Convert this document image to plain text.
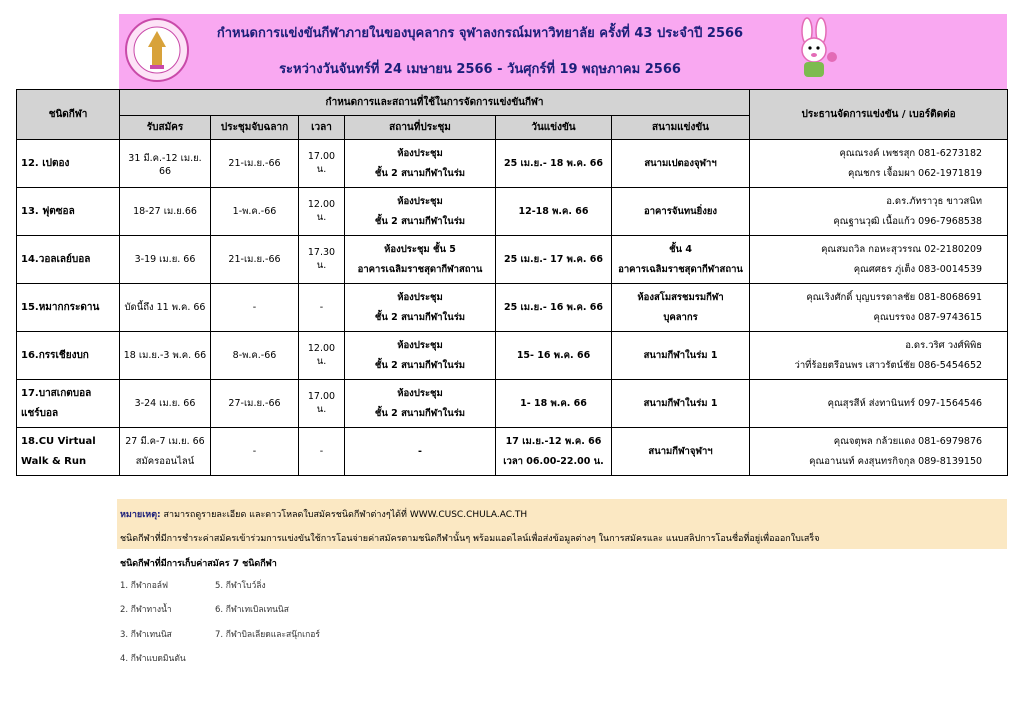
กำหนดการแข่งขันกีฬาภายในของบุคลากร จุฬาลงกรณ์มหาวิทยาลัย ครั้งที่ 43 ประจำปี 2566
ระหว่างวันจันทร์ที่ 24 เมษายน 2566 - วันศุกร์ที่ 19 พฤษภาคม 2566
ชนิดกีฬา	กำหนดการและสถานที่ใช้ในการจัดการแข่งขันกีฬา						ประธานจัดการแข่งขัน / เบอร์ติดต่อ
	รับสมัคร	ประชุมจับฉลาก	เวลา	สถานที่ประชุม	วันแข่งขัน	สนามแข่งขัน	

12. เปตอง	31 มี.ค.-12 เม.ย. 66	21-เม.ย.-66	17.00 น.	ห้องประชุม
ชั้น 2 สนามกีฬาในร่ม	25 เม.ย.- 18 พ.ค. 66	สนามเปตองจุฬาฯ	คุณณรงค์ เพชรสุก 081-6273182
คุณชกร เจื้อมผา 062-1971819

13. ฟุตซอล	18-27 เม.ย.66	1-พ.ค.-66	12.00 น.	ห้องประชุม
ชั้น 2 สนามกีฬาในร่ม	12-18 พ.ค. 66	อาคารจันทนยิ่งยง	อ.ดร.ภัทราวุธ ขาวสนิท
คุณฐานวุฒิ เนื้อแก้ว 096-7968538

14.วอลเลย์บอล	3-19 เม.ย. 66	21-เม.ย.-66	17.30 น.	ห้องประชุม ชั้น 5
อาคารเฉลิมราชสุดากีฬาสถาน	25 เม.ย.- 17 พ.ค. 66	ชั้น 4
อาคารเฉลิมราชสุดากีฬาสถาน	คุณสมถวิล กอหะสุวรรณ 02-2180209
คุณศศธร ภู่เต็ง 083-0014539

15.หมากกระดาน	บัดนี้ถึง 11 พ.ค. 66	-	-	ห้องประชุม
ชั้น 2 สนามกีฬาในร่ม	25 เม.ย.- 16 พ.ค. 66	ห้องสโมสรชมรมกีฬา
บุคลากร	คุณเริงศักดิ์ บุญบรรดาลชัย 081-8068691
คุณบรรจง 087-9743615

16.กรรเชียงบก	18 เม.ย.-3 พ.ค. 66	8-พ.ค.-66	12.00 น.	ห้องประชุม
ชั้น 2 สนามกีฬาในร่ม	15- 16 พ.ค. 66	สนามกีฬาในร่ม 1	อ.ดร.วริศ วงศ์พิพิธ
ว่าที่ร้อยตรีอนพร เสาวรัตน์ชัย 086-5454652

17.บาสเกตบอล
แชร์บอล	3-24 เม.ย. 66	27-เม.ย.-66	17.00 น.	ห้องประชุม
ชั้น 2 สนามกีฬาในร่ม	1- 18 พ.ค. 66	สนามกีฬาในร่ม 1	คุณสุรสีห์ ส่งทานินทร์ 097-1564546

18.CU Virtual
Walk & Run	27 มี.ค-7 เม.ย. 66
สมัครออนไลน์	-	-	-	17 เม.ย.-12 พ.ค. 66
เวลา 06.00-22.00 น.	สนามกีฬาจุฬาฯ	คุณจตุพล กล้วยแดง 081-6979876
คุณอานนท์ คงสุนทรกิจกุล 089-8139150
หมายเหตุ: สามารถดูรายละเอียด และดาวโหลดใบสมัครชนิดกีฬาต่างๆได้ที่ WWW.CUSC.CHULA.AC.TH
ชนิดกีฬาที่มีการชำระค่าสมัครเข้าร่วมการแข่งขันใช้การโอนจ่ายค่าสมัครตามชนิดกีฬานั้นๆ พร้อมแอดไลน์เพื่อส่งข้อมูลต่างๆ ในการสมัครและ แนบสลิปการโอนชื่อที่อยู่เพื่อออกใบเสร็จ
ชนิดกีฬาที่มีการเก็บค่าสมัคร 7 ชนิดกีฬา
1. กีฬากอล์ฟ
2. กีฬาทางน้ำ
3. กีฬาเทนนิส
4. กีฬาแบดมินตัน
5. กีฬาโบว์ลิ่ง
6. กีฬาเทเบิลเทนนิส
7. กีฬาบิลเลียดและสนุ๊กเกอร์
